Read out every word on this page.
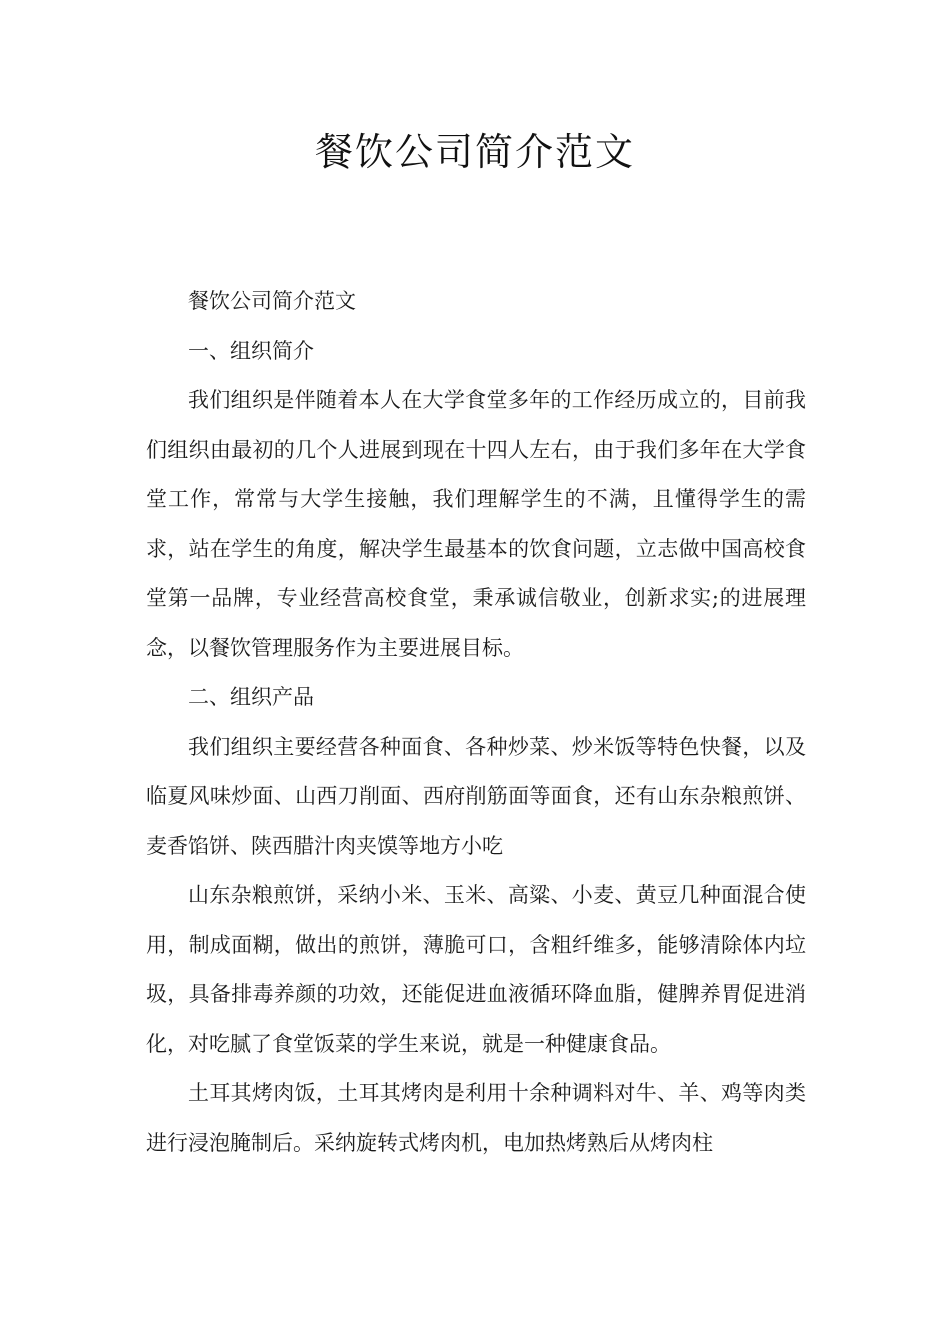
餐饮公司简介范文

餐饮公司简介范文

一、组织简介

我们组织是伴随着本人在大学食堂多年的工作经历成立的，目前我们组织由最初的几个人进展到现在十四人左右，由于我们多年在大学食堂工作，常常与大学生接触，我们理解学生的不满，且懂得学生的需求，站在学生的角度，解决学生最基本的饮食问题，立志做中国高校食堂第一品牌，专业经营高校食堂，秉承诚信敬业，创新求实;的进展理念，以餐饮管理服务作为主要进展目标。

二、组织产品

我们组织主要经营各种面食、各种炒菜、炒米饭等特色快餐，以及临夏风味炒面、山西刀削面、西府削筋面等面食，还有山东杂粮煎饼、麦香馅饼、陕西腊汁肉夹馍等地方小吃

山东杂粮煎饼，采纳小米、玉米、高粱、小麦、黄豆几种面混合使用，制成面糊，做出的煎饼，薄脆可口，含粗纤维多，能够清除体内垃圾，具备排毒养颜的功效，还能促进血液循环降血脂，健脾养胃促进消化，对吃腻了食堂饭菜的学生来说，就是一种健康食品。

土耳其烤肉饭，土耳其烤肉是利用十余种调料对牛、羊、鸡等肉类进行浸泡腌制后。采纳旋转式烤肉机，电加热烤熟后从烤肉柱
